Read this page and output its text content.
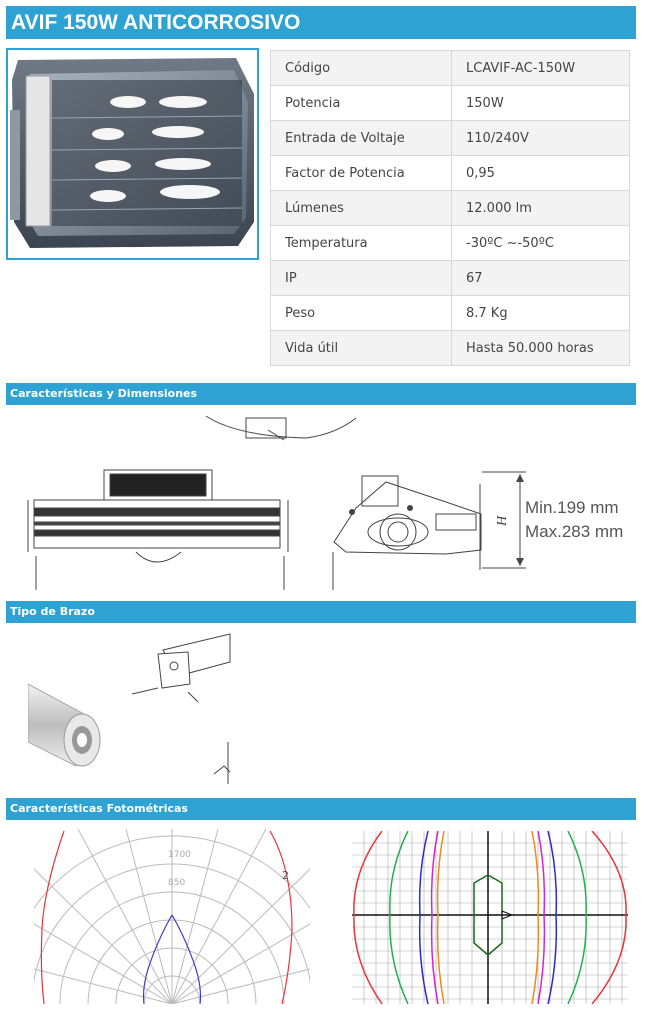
AVIF 150W ANTICORROSIVO
Código	LCAVIF-AC-150W
Potencia	150W
Entrada de Voltaje	110/240V
Factor de Potencia	0,95
Lúmenes	12.000 lm
Temperatura	-30ºC ~-50ºC
IP	67
Peso	8.7 Kg
Vida útil	Hasta 50.000 horas
Características y Dimensiones
H
Min.199 mm
Max.283 mm
Tipo de Brazo
Características Fotométricas
1700
850
2
